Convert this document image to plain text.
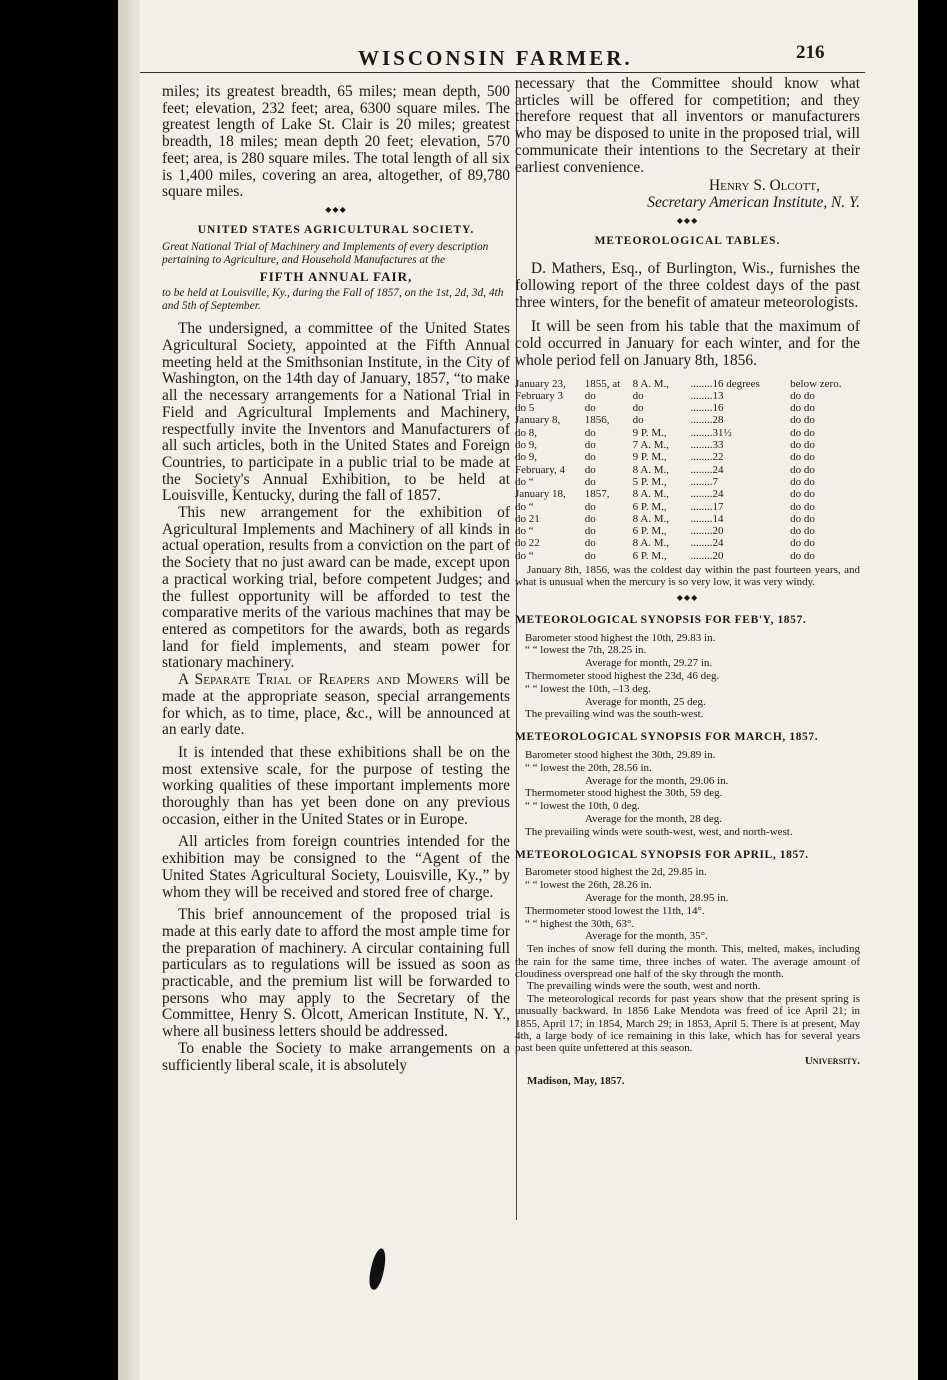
WISCONSIN FARMER.	216

miles; its greatest breadth, 65 miles; mean depth, 500 feet; elevation, 232 feet; area, 6300 square miles. The greatest length of Lake St. Clair is 20 miles; greatest breadth, 18 miles; mean depth 20 feet; elevation, 570 feet; area, is 280 square miles. The total length of all six is 1,400 miles, covering an area, altogether, of 89,780 square miles.

◆◆◆
UNITED STATES AGRICULTURAL SOCIETY.

Great National Trial of Machinery and Implements of every description pertaining to Agriculture, and Household Manufactures at the

FIFTH ANNUAL FAIR,

to be held at Louisville, Ky., during the Fall of 1857, on the 1st, 2d, 3d, 4th and 5th of September.

The undersigned, a committee of the United States Agricultural Society, appointed at the Fifth Annual meeting held at the Smithsonian Institute, in the City of Washington, on the 14th day of January, 1857, “to make all the necessary arrangements for a National Trial in Field and Agricultural Implements and Machinery, respectfully invite the Inventors and Manufacturers of all such articles, both in the United States and Foreign Countries, to participate in a public trial to be made at the Society's Annual Exhibition, to be held at Louisville, Kentucky, during the fall of 1857.

This new arrangement for the exhibition of Agricultural Implements and Machinery of all kinds in actual operation, results from a conviction on the part of the Society that no just award can be made, except upon a practical working trial, before competent Judges; and the fullest opportunity will be afforded to test the comparative merits of the various machines that may be entered as competitors for the awards, both as regards land for field implements, and steam power for stationary machinery.

A Separate Trial of Reapers and Mowers will be made at the appropriate season, special arrangements for which, as to time, place, &c., will be announced at an early date.

It is intended that these exhibitions shall be on the most extensive scale, for the purpose of testing the working qualities of these important implements more thoroughly than has yet been done on any previous occasion, either in the United States or in Europe.

All articles from foreign countries intended for the exhibition may be consigned to the “Agent of the United States Agricultural Society, Louisville, Ky.,” by whom they will be received and stored free of charge.

This brief announcement of the proposed trial is made at this early date to afford the most ample time for the preparation of machinery. A circular containing full particulars as to regulations will be issued as soon as practicable, and the premium list will be forwarded to persons who may apply to the Secretary of the Committee, Henry S. Olcott, American Institute, N. Y., where all business letters should be addressed.

To enable the Society to make arrangements on a sufficiently liberal scale, it is absolutely

necessary that the Committee should know what articles will be offered for competition; and they therefore request that all inventors or manufacturers who may be disposed to unite in the proposed trial, will communicate their intentions to the Secretary at their earliest convenience.

Henry S. Olcott,

Secretary American Institute, N. Y.

◆◆◆
METEOROLOGICAL TABLES.

D. Mathers, Esq., of Burlington, Wis., furnishes the following report of the three coldest days of the past three winters, for the benefit of amateur meteorologists.

It will be seen from his table that the maximum of cold occurred in January for each winter, and for the whole period fell on January 8th, 1856.

January 23,	1855, at	8 A. M.,	........16 degrees	below zero.
February 3	do	do	........13	do do
do 5	do	do	........16	do do
January 8,	1856,	do	........28	do do
do 8,	do	9 P. M.,	........31½	do do
do 9,	do	7 A. M.,	........33	do do
do 9,	do	9 P. M.,	........22	do do
February, 4	do	8 A. M.,	........24	do do
do “	do	5 P. M.,	........7	do do
January 18,	1857,	8 A. M.,	........24	do do
do “	do	6 P. M.,	........17	do do
do 21	do	8 A. M.,	........14	do do
do “	do	6 P. M.,	........20	do do
do 22	do	8 A. M.,	........24	do do
do “	do	6 P. M.,	........20	do do

January 8th, 1856, was the coldest day within the past fourteen years, and what is unusual when the mercury is so very low, it was very windy.

◆◆◆
METEOROLOGICAL SYNOPSIS FOR FEB'Y, 1857.

Barometer stood highest the 10th, 29.83 in.

“ “ lowest the 7th, 28.25 in.

Average for month, 29.27 in.

Thermometer stood highest the 23d, 46 deg.

“ “ lowest the 10th, –13 deg.

Average for month, 25 deg.

The prevailing wind was the south-west.

METEOROLOGICAL SYNOPSIS FOR MARCH, 1857.

Barometer stood highest the 30th, 29.89 in.

“ “ lowest the 20th, 28.56 in.

Average for the month, 29.06 in.

Thermometer stood highest the 30th, 59 deg.

“ “ lowest the 10th, 0 deg.

Average for the month, 28 deg.

The prevailing winds were south-west, west, and north-west.

METEOROLOGICAL SYNOPSIS FOR APRIL, 1857.

Barometer stood highest the 2d, 29.85 in.

“ “ lowest the 26th, 28.26 in.

Average for the month, 28.95 in.

Thermometer stood lowest the 11th, 14°.

“ “ highest the 30th, 63°.

Average for the month, 35°.

Ten inches of snow fell during the month. This, melted, makes, including the rain for the same time, three inches of water. The average amount of cloudiness overspread one half of the sky through the month.

The prevailing winds were the south, west and north.

The meteorological records for past years show that the present spring is unusually backward. In 1856 Lake Mendota was freed of ice April 21; in 1855, April 17; in 1854, March 29; in 1853, April 5. There is at present, May 4th, a large body of ice remaining in this lake, which has for several years past been quite unfettered at this season.

University.

Madison, May, 1857.
